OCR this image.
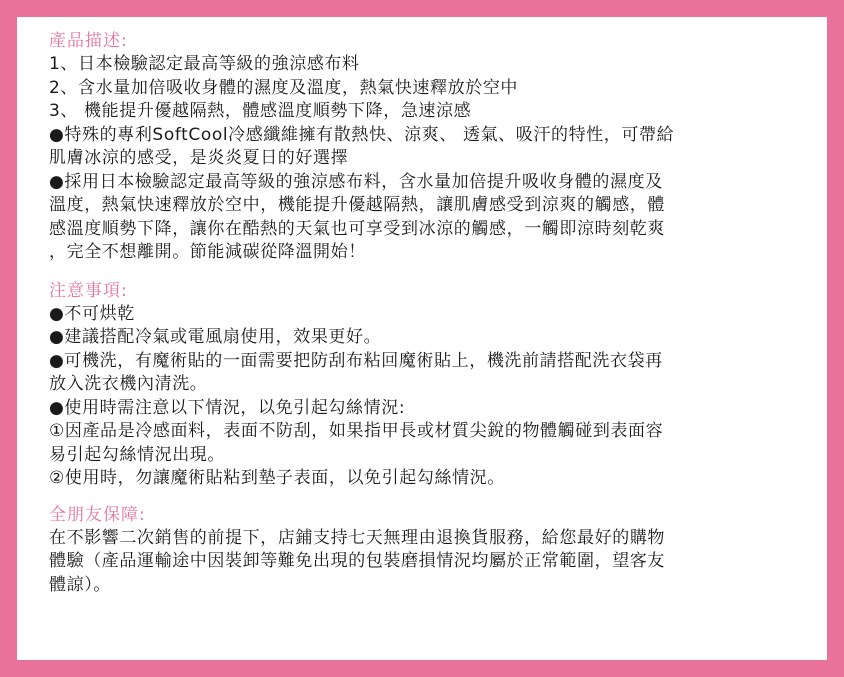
產品描述:

1、日本檢驗認定最高等級的強涼感布料

2、含水量加倍吸收身體的濕度及溫度，熱氣快速釋放於空中

3、 機能提升優越隔熱，體感溫度順勢下降，急速涼感

●特殊的專利SoftCool冷感纖維擁有散熱快、涼爽、 透氣、吸汗的特性，可帶給

肌膚冰涼的感受，是炎炎夏日的好選擇

●採用日本檢驗認定最高等級的強涼感布料，含水量加倍提升吸收身體的濕度及

溫度，熱氣快速釋放於空中，機能提升優越隔熱，讓肌膚感受到涼爽的觸感，體

感溫度順勢下降，讓你在酷熱的天氣也可享受到冰涼的觸感，一觸即涼時刻乾爽

，完全不想離開。節能減碳從降溫開始！

注意事項:

●不可烘乾

●建議搭配冷氣或電風扇使用，效果更好。

●可機洗，有魔術貼的一面需要把防刮布粘回魔術貼上，機洗前請搭配洗衣袋再

放入洗衣機內清洗。

●使用時需注意以下情況，以免引起勾絲情況:

①因產品是冷感面料，表面不防刮，如果指甲長或材質尖銳的物體觸碰到表面容

易引起勾絲情況出現。

②使用時，勿讓魔術貼粘到墊子表面，以免引起勾絲情況。

全朋友保障:

在不影響二次銷售的前提下，店鋪支持七天無理由退換貨服務，給您最好的購物

體驗（產品運輸途中因裝卸等難免出現的包裝磨損情況均屬於正常範圍，望客友

體諒）。
